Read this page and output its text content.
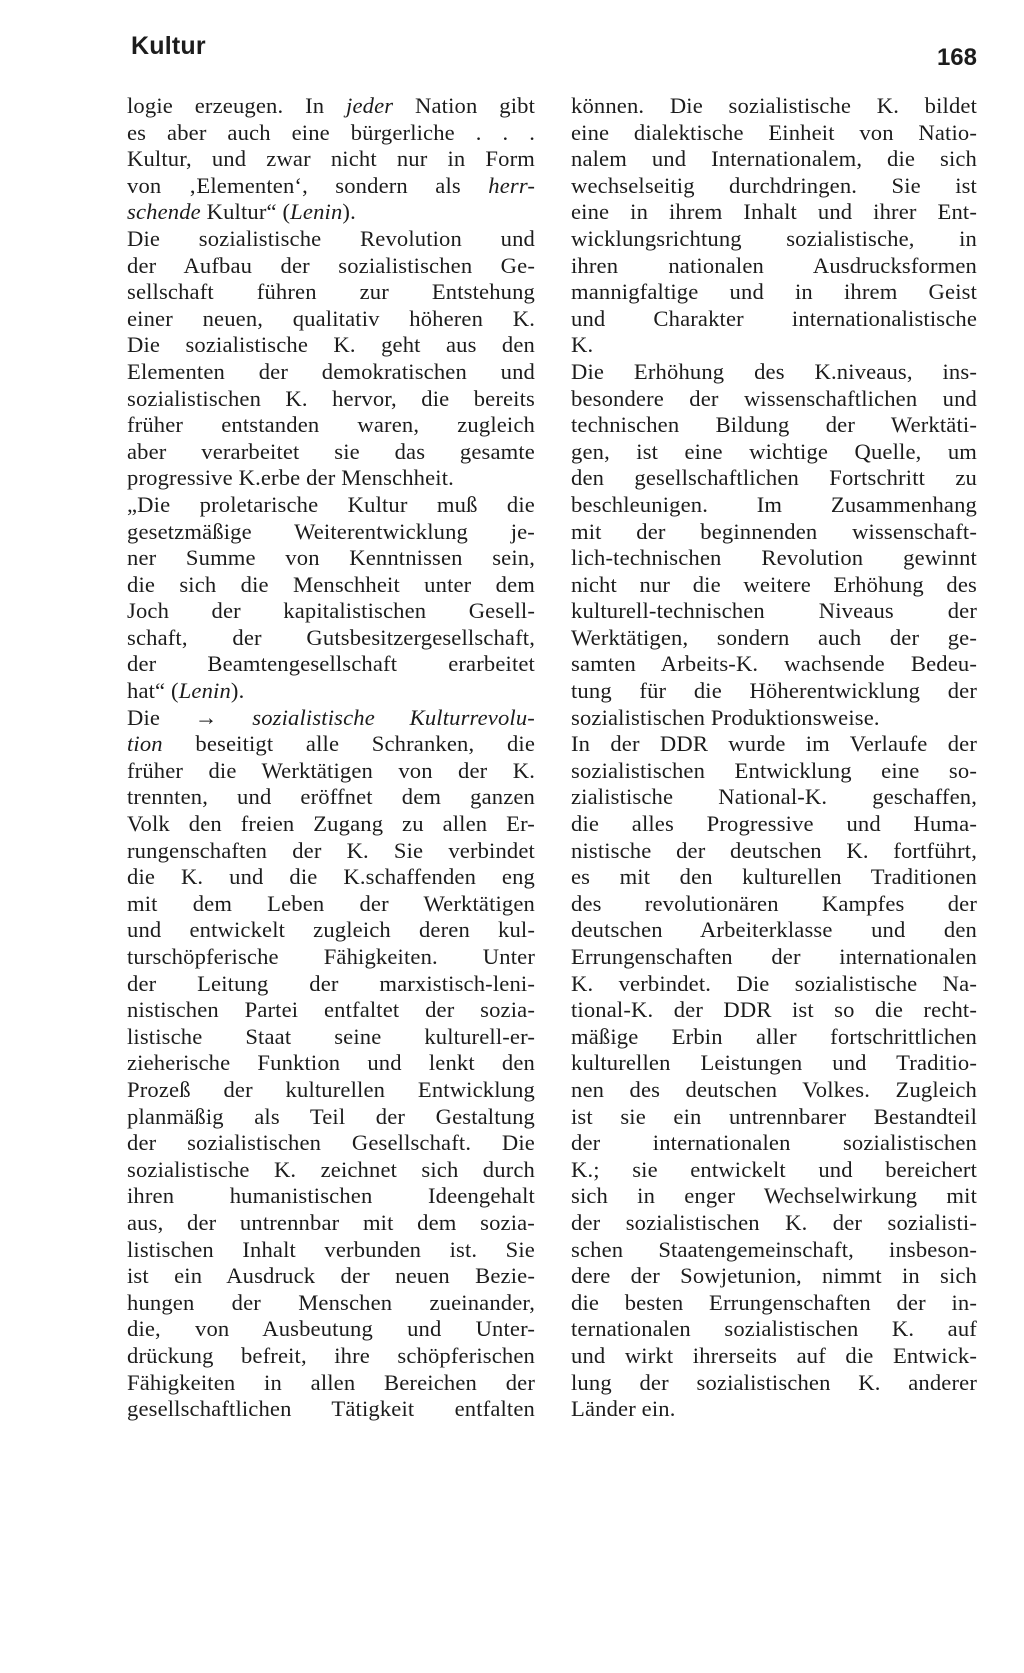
Kultur	168
logie erzeugen. In jeder Nation gibt
es aber auch eine bürgerliche . . .
Kultur, und zwar nicht nur in Form
von ‚Elementen‘, sondern als herr-
schende Kultur“ (Lenin).
Die sozialistische Revolution und
der Aufbau der sozialistischen Ge-
sellschaft führen zur Entstehung
einer neuen, qualitativ höheren K.
Die sozialistische K. geht aus den
Elementen der demokratischen und
sozialistischen K. hervor, die bereits
früher entstanden waren, zugleich
aber verarbeitet sie das gesamte
progressive K.erbe der Menschheit.
„Die proletarische Kultur muß die
gesetzmäßige Weiterentwicklung je-
ner Summe von Kenntnissen sein,
die sich die Menschheit unter dem
Joch der kapitalistischen Gesell-
schaft, der Gutsbesitzergesellschaft,
der Beamtengesellschaft erarbeitet
hat“ (Lenin).
Die → sozialistische Kulturrevolu-
tion beseitigt alle Schranken, die
früher die Werktätigen von der K.
trennten, und eröffnet dem ganzen
Volk den freien Zugang zu allen Er-
rungenschaften der K. Sie verbindet
die K. und die K.schaffenden eng
mit dem Leben der Werktätigen
und entwickelt zugleich deren kul-
turschöpferische Fähigkeiten. Unter
der Leitung der marxistisch-leni-
nistischen Partei entfaltet der sozia-
listische Staat seine kulturell-er-
zieherische Funktion und lenkt den
Prozeß der kulturellen Entwicklung
planmäßig als Teil der Gestaltung
der sozialistischen Gesellschaft. Die
sozialistische K. zeichnet sich durch
ihren humanistischen Ideengehalt
aus, der untrennbar mit dem sozia-
listischen Inhalt verbunden ist. Sie
ist ein Ausdruck der neuen Bezie-
hungen der Menschen zueinander,
die, von Ausbeutung und Unter-
drückung befreit, ihre schöpferischen
Fähigkeiten in allen Bereichen der
gesellschaftlichen Tätigkeit entfalten
können. Die sozialistische K. bildet
eine dialektische Einheit von Natio-
nalem und Internationalem, die sich
wechselseitig durchdringen. Sie ist
eine in ihrem Inhalt und ihrer Ent-
wicklungsrichtung sozialistische, in
ihren nationalen Ausdrucksformen
mannigfaltige und in ihrem Geist
und Charakter internationalistische
K.
Die Erhöhung des K.niveaus, ins-
besondere der wissenschaftlichen und
technischen Bildung der Werktäti-
gen, ist eine wichtige Quelle, um
den gesellschaftlichen Fortschritt zu
beschleunigen. Im Zusammenhang
mit der beginnenden wissenschaft-
lich-technischen Revolution gewinnt
nicht nur die weitere Erhöhung des
kulturell-technischen Niveaus der
Werktätigen, sondern auch der ge-
samten Arbeits-K. wachsende Bedeu-
tung für die Höherentwicklung der
sozialistischen Produktionsweise.
In der DDR wurde im Verlaufe der
sozialistischen Entwicklung eine so-
zialistische National-K. geschaffen,
die alles Progressive und Huma-
nistische der deutschen K. fortführt,
es mit den kulturellen Traditionen
des revolutionären Kampfes der
deutschen Arbeiterklasse und den
Errungenschaften der internationalen
K. verbindet. Die sozialistische Na-
tional-K. der DDR ist so die recht-
mäßige Erbin aller fortschrittlichen
kulturellen Leistungen und Traditio-
nen des deutschen Volkes. Zugleich
ist sie ein untrennbarer Bestandteil
der internationalen sozialistischen
K.; sie entwickelt und bereichert
sich in enger Wechselwirkung mit
der sozialistischen K. der sozialisti-
schen Staatengemeinschaft, insbeson-
dere der Sowjetunion, nimmt in sich
die besten Errungenschaften der in-
ternationalen sozialistischen K. auf
und wirkt ihrerseits auf die Entwick-
lung der sozialistischen K. anderer
Länder ein.
